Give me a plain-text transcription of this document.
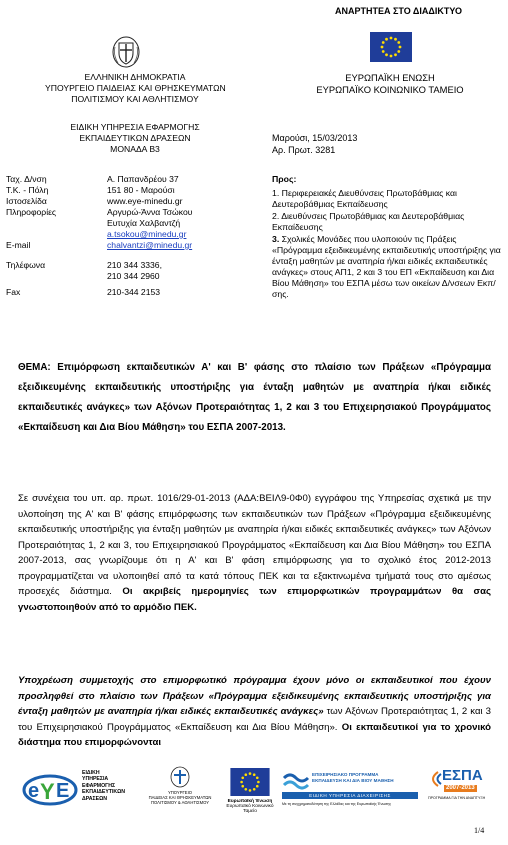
ΑΝΑΡΤΗΤΕΑ ΣΤΟ ΔΙΑΔΙΚΤΥΟ
ΕΛΛΗΝΙΚΗ ΔΗΜΟΚΡΑΤΙΑ
ΥΠΟΥΡΓΕΙΟ ΠΑΙΔΕΙΑΣ ΚΑΙ ΘΡΗΣΚΕΥΜΑΤΩΝ
ΠΟΛΙΤΙΣΜΟΥ ΚΑΙ ΑΘΛΗΤΙΣΜΟΥ
ΕΥΡΩΠΑΪΚΗ ΕΝΩΣΗ
ΕΥΡΩΠΑΪΚΟ ΚΟΙΝΩΝΙΚΟ ΤΑΜΕΙΟ
ΕΙΔΙΚΗ ΥΠΗΡΕΣΙΑ ΕΦΑΡΜΟΓΗΣ
ΕΚΠΑΙΔΕΥΤΙΚΩΝ ΔΡΑΣΕΩΝ
ΜΟΝΑΔΑ Β3
Μαρούσι, 15/03/2013
Αρ. Πρωτ. 3281
Ταχ. Δ/νση	Α. Παπανδρέου 37
Τ.Κ. - Πόλη	151 80 - Μαρούσι
Ιστοσελίδα	www.eye-minedu.gr
Πληροφορίες	Αργυρώ-Άννα Τσώκου
Ευτυχία Χαλβαντζή
a.tsokou@minedu.gr
E-mail	chalvantzi@minedu.gr
Τηλέφωνα	210 344 3336,
210 344 2960
Fax	210-344 2153
Προς:
1. Περιφερειακές Διευθύνσεις Πρωτοβάθμιας και Δευτεροβάθμιας Εκπαίδευσης
2. Διευθύνσεις Πρωτοβάθμιας και Δευτεροβάθμιας Εκπαίδευσης
3. Σχολικές Μονάδες που υλοποιούν τις Πράξεις «Πρόγραμμα εξειδικευμένης εκπαιδευτικής υποστήριξης για ένταξη μαθητών με αναπηρία ή/και ειδικές εκπαιδευτικές ανάγκες» στους ΑΠ1, 2 και 3 του ΕΠ «Εκπαίδευση και Δια Βίου Μάθηση» του ΕΣΠΑ μέσω των οικείων Δ/νσεων Εκπ/σης.
ΘΕΜΑ: Επιμόρφωση εκπαιδευτικών Α' και Β' φάσης στο πλαίσιο των Πράξεων «Πρόγραμμα εξειδικευμένης εκπαιδευτικής υποστήριξης για ένταξη μαθητών με αναπηρία ή/και ειδικές εκπαιδευτικές ανάγκες» των Αξόνων Προτεραιότητας 1, 2 και 3 του Επιχειρησιακού Προγράμματος «Εκπαίδευση και Δια Βίου Μάθηση» του ΕΣΠΑ 2007-2013.
Σε συνέχεια του υπ. αρ. πρωτ. 1016/29-01-2013 (ΑΔΑ:ΒΕΙΛ9-0Φ0) εγγράφου της Υπηρεσίας σχετικά με την υλοποίηση της Α' και Β' φάσης επιμόρφωσης των εκπαιδευτικών των Πράξεων «Πρόγραμμα εξειδικευμένης εκπαιδευτικής υποστήριξης για ένταξη μαθητών με αναπηρία ή/και ειδικές εκπαιδευτικές ανάγκες» των Αξόνων Προτεραιότητας 1, 2 και 3, του Επιχειρησιακού Προγράμματος «Εκπαίδευση και Δια Βίου Μάθηση» του ΕΣΠΑ 2007-2013, σας γνωρίζουμε ότι η Α' και Β' φάση επιμόρφωσης για το σχολικό έτος 2012-2013 προγραμματίζεται να υλοποιηθεί από τα κατά τόπους ΠΕΚ και τα εξακτινωμένα τμήματά τους στο αμέσως προσεχές διάστημα. Οι ακριβείς ημερομηνίες των επιμορφωτικών προγραμμάτων θα σας γνωστοποιηθούν από το αρμόδιο ΠΕΚ.
Υποχρέωση συμμετοχής στο επιμορφωτικό πρόγραμμα έχουν μόνο οι εκπαιδευτικοί που έχουν προσληφθεί στο πλαίσιο των Πράξεων «Πρόγραμμα εξειδικευμένης εκπαιδευτικής υποστήριξης για ένταξη μαθητών με αναπηρία ή/και ειδικές εκπαιδευτικές ανάγκες» των Αξόνων Προτεραιότητας 1, 2 και 3 του Επιχειρησιακού Προγράμματος «Εκπαίδευση και Δια Βίου Μάθηση». Οι εκπαιδευτικοί για το χρονικό διάστημα που επιμορφώνονται
e Y E
ΕΙΔΙΚΗ
ΥΠΗΡΕΣΙΑ
ΕΦΑΡΜΟΓΗΣ
ΕΚΠΑΙΔΕΥΤΙΚΩΝ
ΔΡΑΣΕΩΝ
ΥΠΟΥΡΓΕΙΟ
ΠΑΙΔΕΙΑΣ ΚΑΙ ΘΡΗΣΚΕΥΜΑΤΩΝ
ΠΟΛΙΤΙΣΜΟΥ & ΑΘΛΗΤΙΣΜΟΥ	Ευρωπαϊκή Ένωση
Ευρωπαϊκό Κοινωνικό Ταμείο
ΕΠΙΧΕΙΡΗΣΙΑΚΟ ΠΡΟΓΡΑΜΜΑ
ΕΚΠΑΙΔΕΥΣΗ ΚΑΙ ΔΙΑ ΒΙΟΥ ΜΑΘΗΣΗ
ΕΙΔΙΚΗ ΥΠΗΡΕΣΙΑ ΔΙΑΧΕΙΡΙΣΗΣ
Με τη συγχρηματοδότηση της Ελλάδας και της Ευρωπαϊκής Ένωσης
ΕΣΠΑ
2007-2013
ΠΡΟΓΡΑΜΜΑ ΓΙΑ ΤΗΝ ΑΝΑΠΤΥΞΗ
1/4
